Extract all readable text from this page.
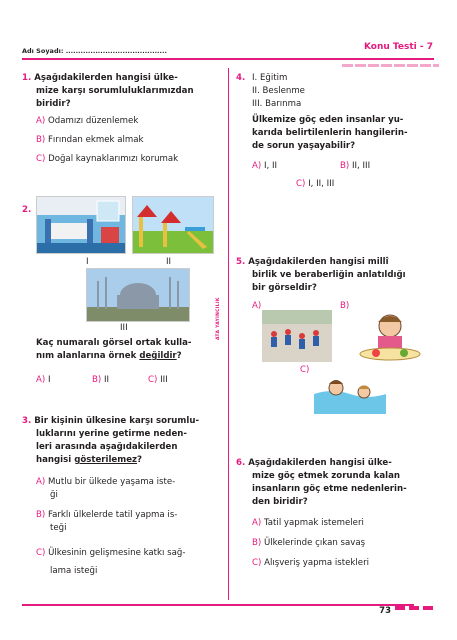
Adı Soyadı: .........................................	Konu Testi - 7
ATA YAYINCILIK
1. Aşağıdakilerden hangisi ülke-
mize karşı sorumluluklarımızdan
biridir?
A) Odamızı düzenlemek
B) Fırından ekmek almak
C) Doğal kaynaklarımızı korumak
2.
I	II
III
Kaç numaralı görsel ortak kulla-
nım alanlarına örnek değildir?
A) I	B) II	C) III
3. Bir kişinin ülkesine karşı sorumlu-
luklarını yerine getirme neden-
leri arasında aşağıdakilerden
hangisi gösterilemez?
A) Mutlu bir ülkede yaşama iste-
ği
B) Farklı ülkelerde tatil yapma is-
teği
C) Ülkesinin gelişmesine katkı sağ-
lama isteği
4. I. Eğitim
II. Beslenme
III. Barınma
Ülkemize göç eden insanlar yu-
karıda belirtilenlerin hangilerin-
de sorun yaşayabilir?
A) I, II	B) II, III
C) I, II, III
5. Aşağıdakilerden hangisi millî
birlik ve beraberliğin anlatıldığı
bir görseldir?
A)	B)
C)
6. Aşağıdakilerden hangisi ülke-
mize göç etmek zorunda kalan
insanların göç etme nedenlerin-
den biridir?
A) Tatil yapmak istemeleri
B) Ülkelerinde çıkan savaş
C) Alışveriş yapma istekleri
73
